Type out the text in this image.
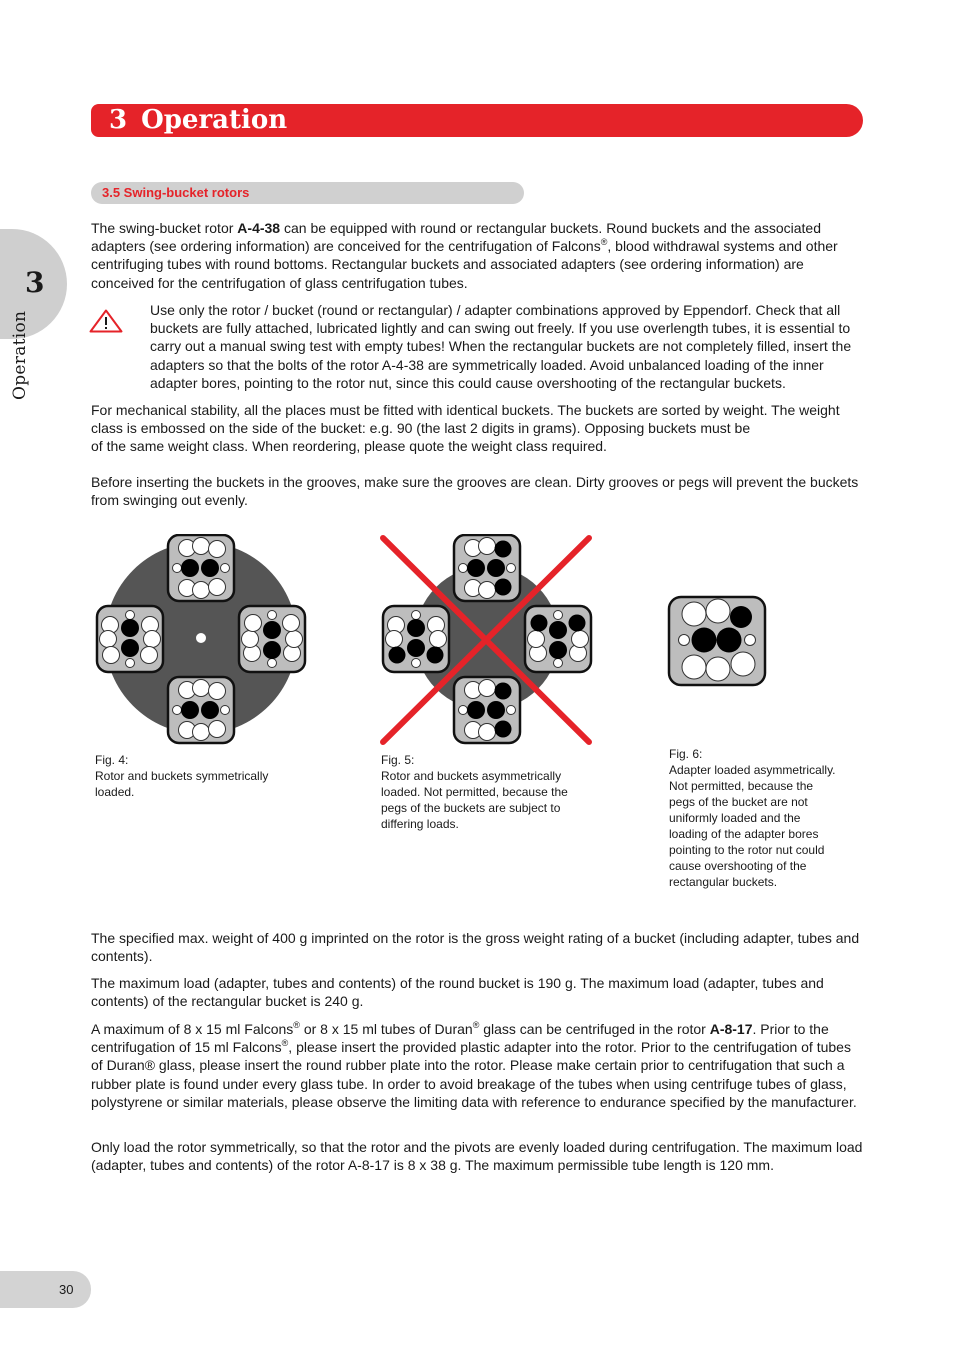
3 Operation
3
Operation
3.5 Swing-bucket rotors

The swing-bucket rotor A-4-38 can be equipped with round or rectangular buckets. Round buckets and the associated adapters (see ordering information) are conceived for the centrifugation of Falcons®, blood withdrawal systems and other centrifuging tubes with round bottoms. Rectangular buckets and associated adapters (see ordering information) are conceived for the centrifugation of glass centrifugation tubes.

Use only the rotor / bucket (round or rectangular) / adapter combinations approved by Eppendorf. Check that all buckets are fully attached, lubricated lightly and can swing out freely. If you use overlength tubes, it is essential to carry out a manual swing test with empty tubes! When the rectangular buckets are not completely filled, insert the adapters so that the bolts of the rotor A-4-38 are symmetrically loaded. Avoid unbalanced loading of the inner adapter bores, pointing to the rotor nut, since this could cause overshooting of the rectangular buckets.

For mechanical stability, all the places must be fitted with identical buckets. The buckets are sorted by weight. The weight class is embossed on the side of the bucket: e.g. 90 (the last 2 digits in grams). Opposing buckets must be
of the same weight class. When reordering, please quote the weight class required.

Before inserting the buckets in the grooves, make sure the grooves are clean. Dirty grooves or pegs will prevent the buckets from swinging out evenly.

Fig. 4:
Rotor and buckets symmetrically
loaded.
Fig. 5:
Rotor and buckets asymmetrically
loaded. Not permitted, because the
pegs of the buckets are subject to
differing loads.
Fig. 6:
Adapter loaded asymmetrically.
Not permitted, because the
pegs of the bucket are not
uniformly loaded and the
loading of the adapter bores
pointing to the rotor nut could
cause overshooting of the
rectangular buckets.

The specified max. weight of 400 g imprinted on the rotor is the gross weight rating of a bucket (including adapter, tubes and contents).

The maximum load (adapter, tubes and contents) of the round bucket is 190 g. The maximum load (adapter, tubes and contents) of the rectangular bucket is 240 g.

A maximum of 8 x 15 ml Falcons® or 8 x 15 ml tubes of Duran® glass can be centrifuged in the rotor A-8-17. Prior to the centrifugation of 15 ml Falcons®, please insert the provided plastic adapter into the rotor. Prior to the centrifugation of tubes of Duran® glass, please insert the round rubber plate into the rotor. Please make certain prior to centrifugation that such a rubber plate is found under every glass tube. In order to avoid breakage of the tubes when using centrifuge tubes of glass, polystyrene or similar materials, please observe the limiting data with reference to endurance specified by the manufacturer.

Only load the rotor symmetrically, so that the rotor and the pivots are evenly loaded during centrifugation. The maximum load (adapter, tubes and contents) of the rotor A-8-17 is 8 x 38 g. The maximum permissible tube length is 120 mm.

30
